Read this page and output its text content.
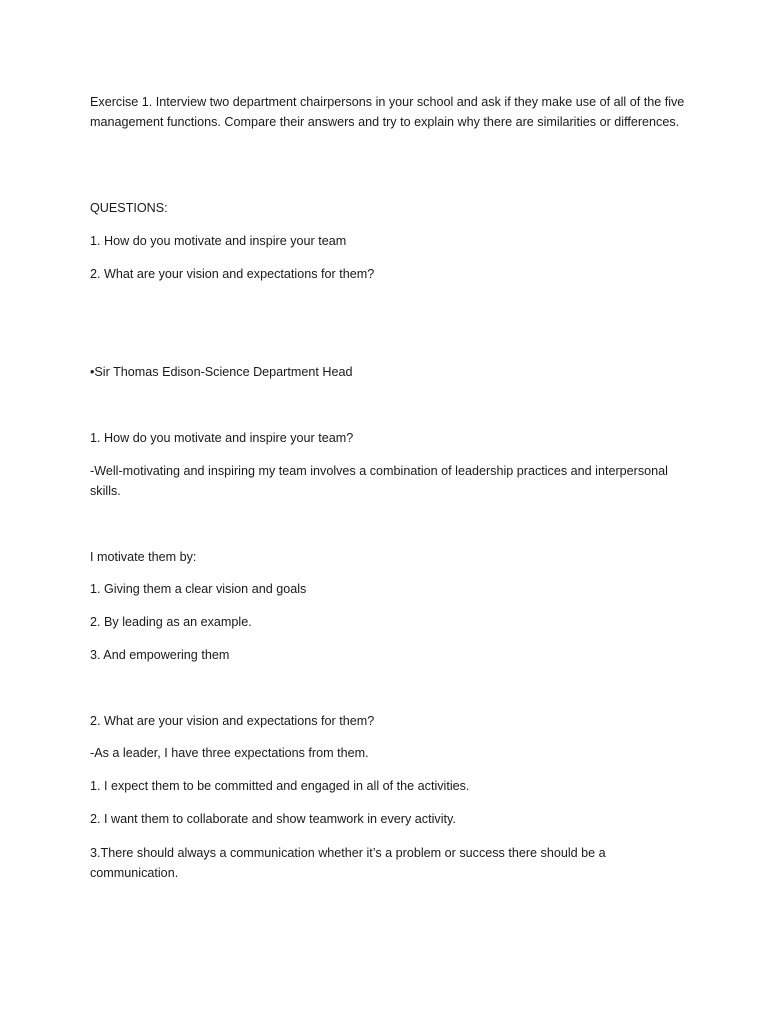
Exercise 1. Interview two department chairpersons in your school and ask if they make use of all of the five management functions. Compare their answers and try to explain why there are similarities or differences.

QUESTIONS:

1. How do you motivate and inspire your team

2. What are your vision and expectations for them?

•Sir Thomas Edison-Science Department Head

1. How do you motivate and inspire your team?

-Well-motivating and inspiring my team involves a combination of leadership practices and interpersonal skills.

I motivate them by:

1. Giving them a clear vision and goals

2. By leading as an example.

3. And empowering them

2. What are your vision and expectations for them?

-As a leader, I have three expectations from them.

1. I expect them to be committed and engaged in all of the activities.

2. I want them to collaborate and show teamwork in every activity.

3.There should always a communication whether it’s a problem or success there should be a communication.
